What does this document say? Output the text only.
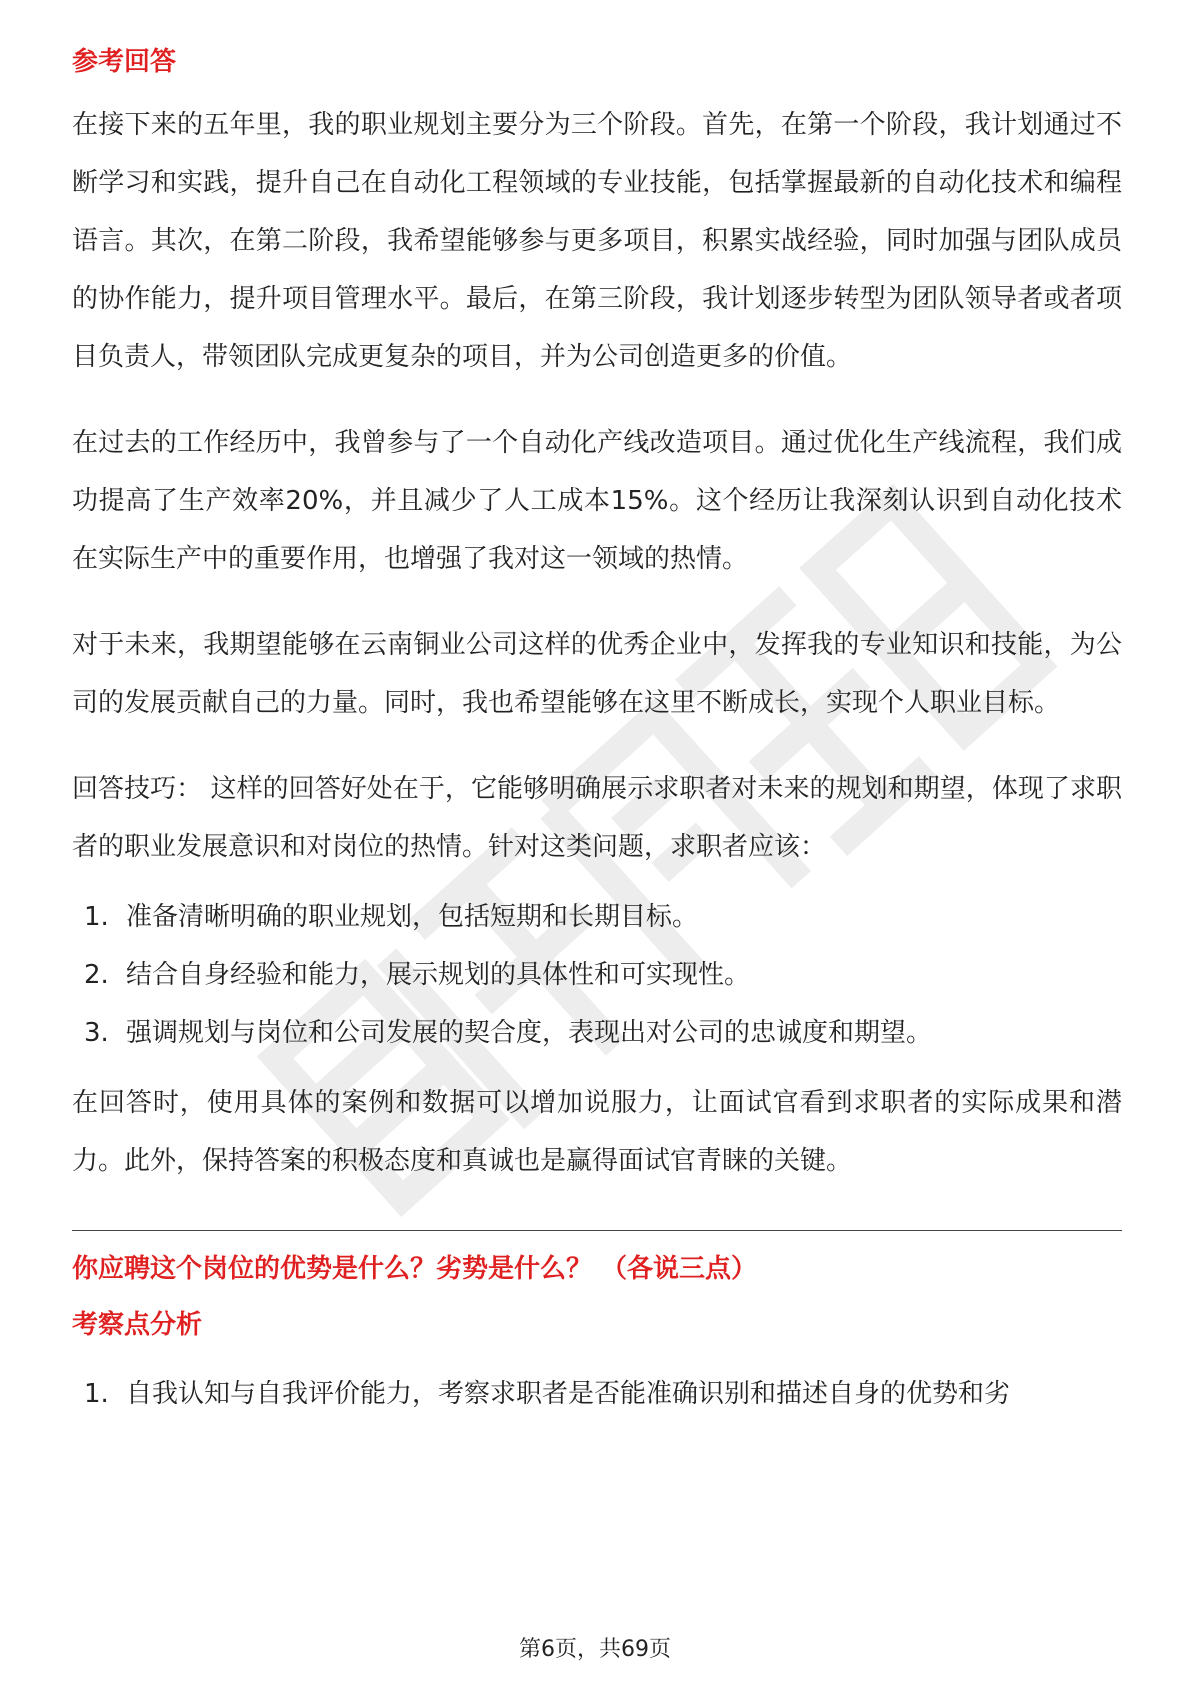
参考回答

在接下来的五年里，我的职业规划主要分为三个阶段。首先，在第一个阶段，我计划通过不断学习和实践，提升自己在自动化工程领域的专业技能，包括掌握最新的自动化技术和编程语言。其次，在第二阶段，我希望能够参与更多项目，积累实战经验，同时加强与团队成员的协作能力，提升项目管理水平。最后，在第三阶段，我计划逐步转型为团队领导者或者项目负责人，带领团队完成更复杂的项目，并为公司创造更多的价值。

在过去的工作经历中，我曾参与了一个自动化产线改造项目。通过优化生产线流程，我们成功提高了生产效率20%，并且减少了人工成本15%。这个经历让我深刻认识到自动化技术在实际生产中的重要作用，也增强了我对这一领域的热情。

对于未来，我期望能够在云南铜业公司这样的优秀企业中，发挥我的专业知识和技能，为公司的发展贡献自己的力量。同时，我也希望能够在这里不断成长，实现个人职业目标。

回答技巧： 这样的回答好处在于，它能够明确展示求职者对未来的规划和期望，体现了求职者的职业发展意识和对岗位的热情。针对这类问题，求职者应该：

1. 准备清晰明确的职业规划，包括短期和长期目标。
2. 结合自身经验和能力，展示规划的具体性和可实现性。
3. 强调规划与岗位和公司发展的契合度，表现出对公司的忠诚度和期望。

在回答时，使用具体的案例和数据可以增加说服力，让面试官看到求职者的实际成果和潜力。此外，保持答案的积极态度和真诚也是赢得面试官青睐的关键。

你应聘这个岗位的优势是什么？劣势是什么？ （各说三点）
考察点分析
1. 自我认知与自我评价能力，考察求职者是否能准确识别和描述自身的优势和劣
第6页，共69页
